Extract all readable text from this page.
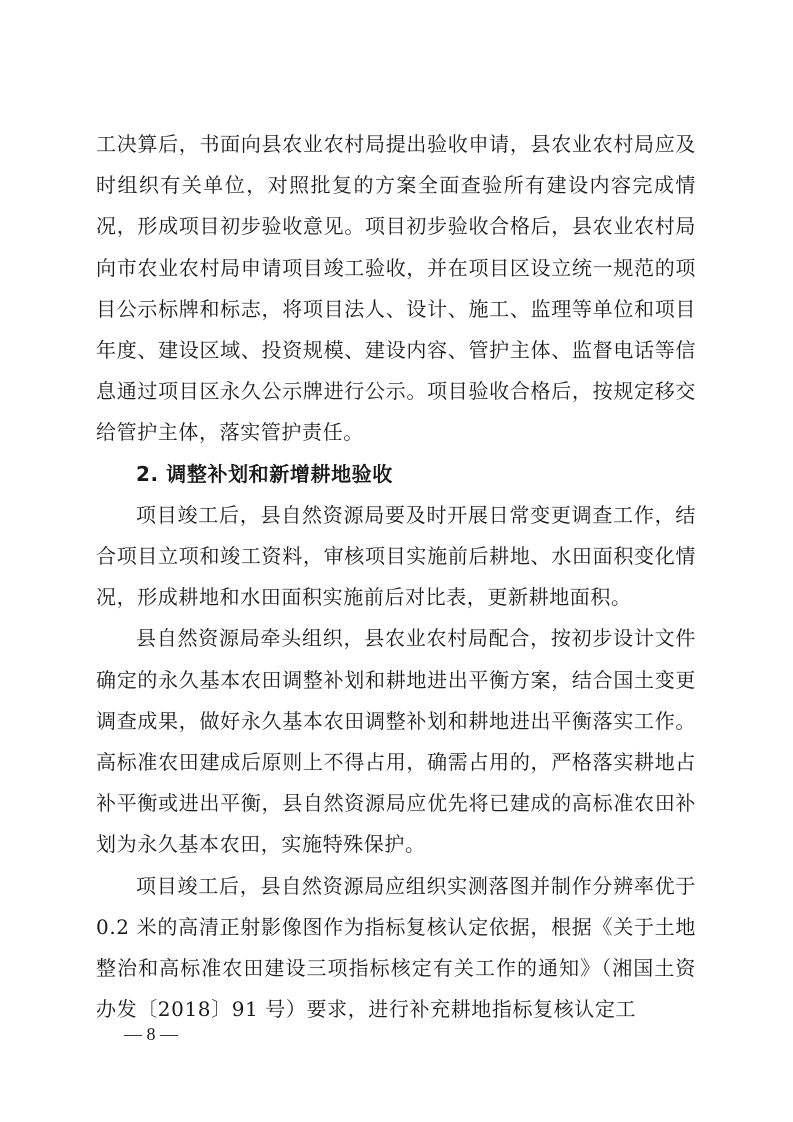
工决算后，书面向县农业农村局提出验收申请，县农业农村局应及时组织有关单位，对照批复的方案全面查验所有建设内容完成情况，形成项目初步验收意见。项目初步验收合格后，县农业农村局向市农业农村局申请项目竣工验收，并在项目区设立统一规范的项目公示标牌和标志，将项目法人、设计、施工、监理等单位和项目年度、建设区域、投资规模、建设内容、管护主体、监督电话等信息通过项目区永久公示牌进行公示。项目验收合格后，按规定移交给管护主体，落实管护责任。

2. 调整补划和新增耕地验收

项目竣工后，县自然资源局要及时开展日常变更调查工作，结合项目立项和竣工资料，审核项目实施前后耕地、水田面积变化情况，形成耕地和水田面积实施前后对比表，更新耕地面积。

县自然资源局牵头组织，县农业农村局配合，按初步设计文件确定的永久基本农田调整补划和耕地进出平衡方案，结合国土变更调查成果，做好永久基本农田调整补划和耕地进出平衡落实工作。高标准农田建成后原则上不得占用，确需占用的，严格落实耕地占补平衡或进出平衡，县自然资源局应优先将已建成的高标准农田补划为永久基本农田，实施特殊保护。

项目竣工后，县自然资源局应组织实测落图并制作分辨率优于 0.2 米的高清正射影像图作为指标复核认定依据，根据《关于土地整治和高标准农田建设三项指标核定有关工作的通知》（湘国土资办发〔2018〕91 号）要求，进行补充耕地指标复核认定工

— 8 —
